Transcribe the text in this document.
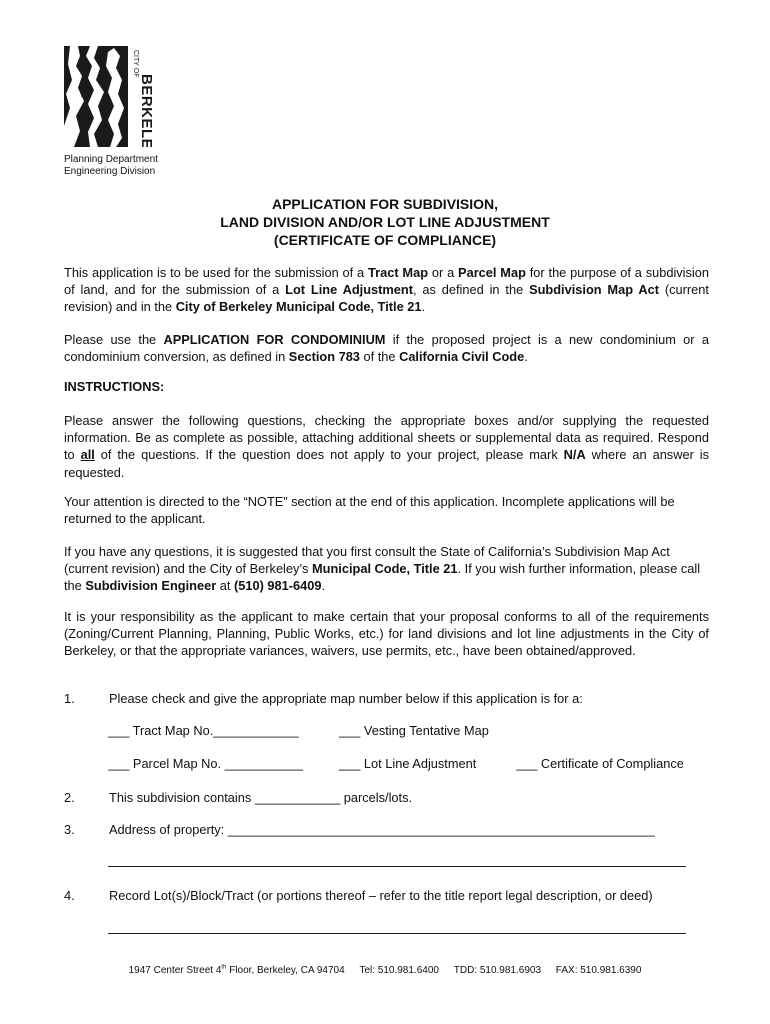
CITY OF
BERKELEY
Planning Department
Engineering Division
APPLICATION FOR SUBDIVISION,
LAND DIVISION AND/OR LOT LINE ADJUSTMENT
(CERTIFICATE OF COMPLIANCE)
This application is to be used for the submission of a Tract Map or a Parcel Map for the purpose of a subdivision of land, and for the submission of a Lot Line Adjustment, as defined in the Subdivision Map Act (current revision) and in the City of Berkeley Municipal Code, Title 21.
Please use the APPLICATION FOR CONDOMINIUM if the proposed project is a new condominium or a condominium conversion, as defined in Section 783 of the California Civil Code.
INSTRUCTIONS:
Please answer the following questions, checking the appropriate boxes and/or supplying the requested information. Be as complete as possible, attaching additional sheets or supplemental data as required. Respond to all of the questions. If the question does not apply to your project, please mark N/A where an answer is requested.
Your attention is directed to the “NOTE” section at the end of this application. Incomplete applications will be returned to the applicant.
If you have any questions, it is suggested that you first consult the State of California’s Subdivision Map Act (current revision) and the City of Berkeley’s Municipal Code, Title 21. If you wish further information, please call the Subdivision Engineer at (510) 981-6409.
It is your responsibility as the applicant to make certain that your proposal conforms to all of the requirements (Zoning/Current Planning, Planning, Public Works, etc.) for land divisions and lot line adjustments in the City of Berkeley, or that the appropriate variances, waivers, use permits, etc., have been obtained/approved.
1.	Please check and give the appropriate map number below if this application is for a:
___ Tract Map No.____________	___ Vesting Tentative Map
___ Parcel Map No. ___________	___ Lot Line Adjustment	___ Certificate of Compliance
2.	This subdivision contains ____________ parcels/lots.
3.	Address of property: ____________________________________________________________
4.	Record Lot(s)/Block/Tract (or portions thereof – refer to the title report legal description, or deed)
1947 Center Street 4th Floor, Berkeley, CA 94704 Tel: 510.981.6400 TDD: 510.981.6903 FAX: 510.981.6390
